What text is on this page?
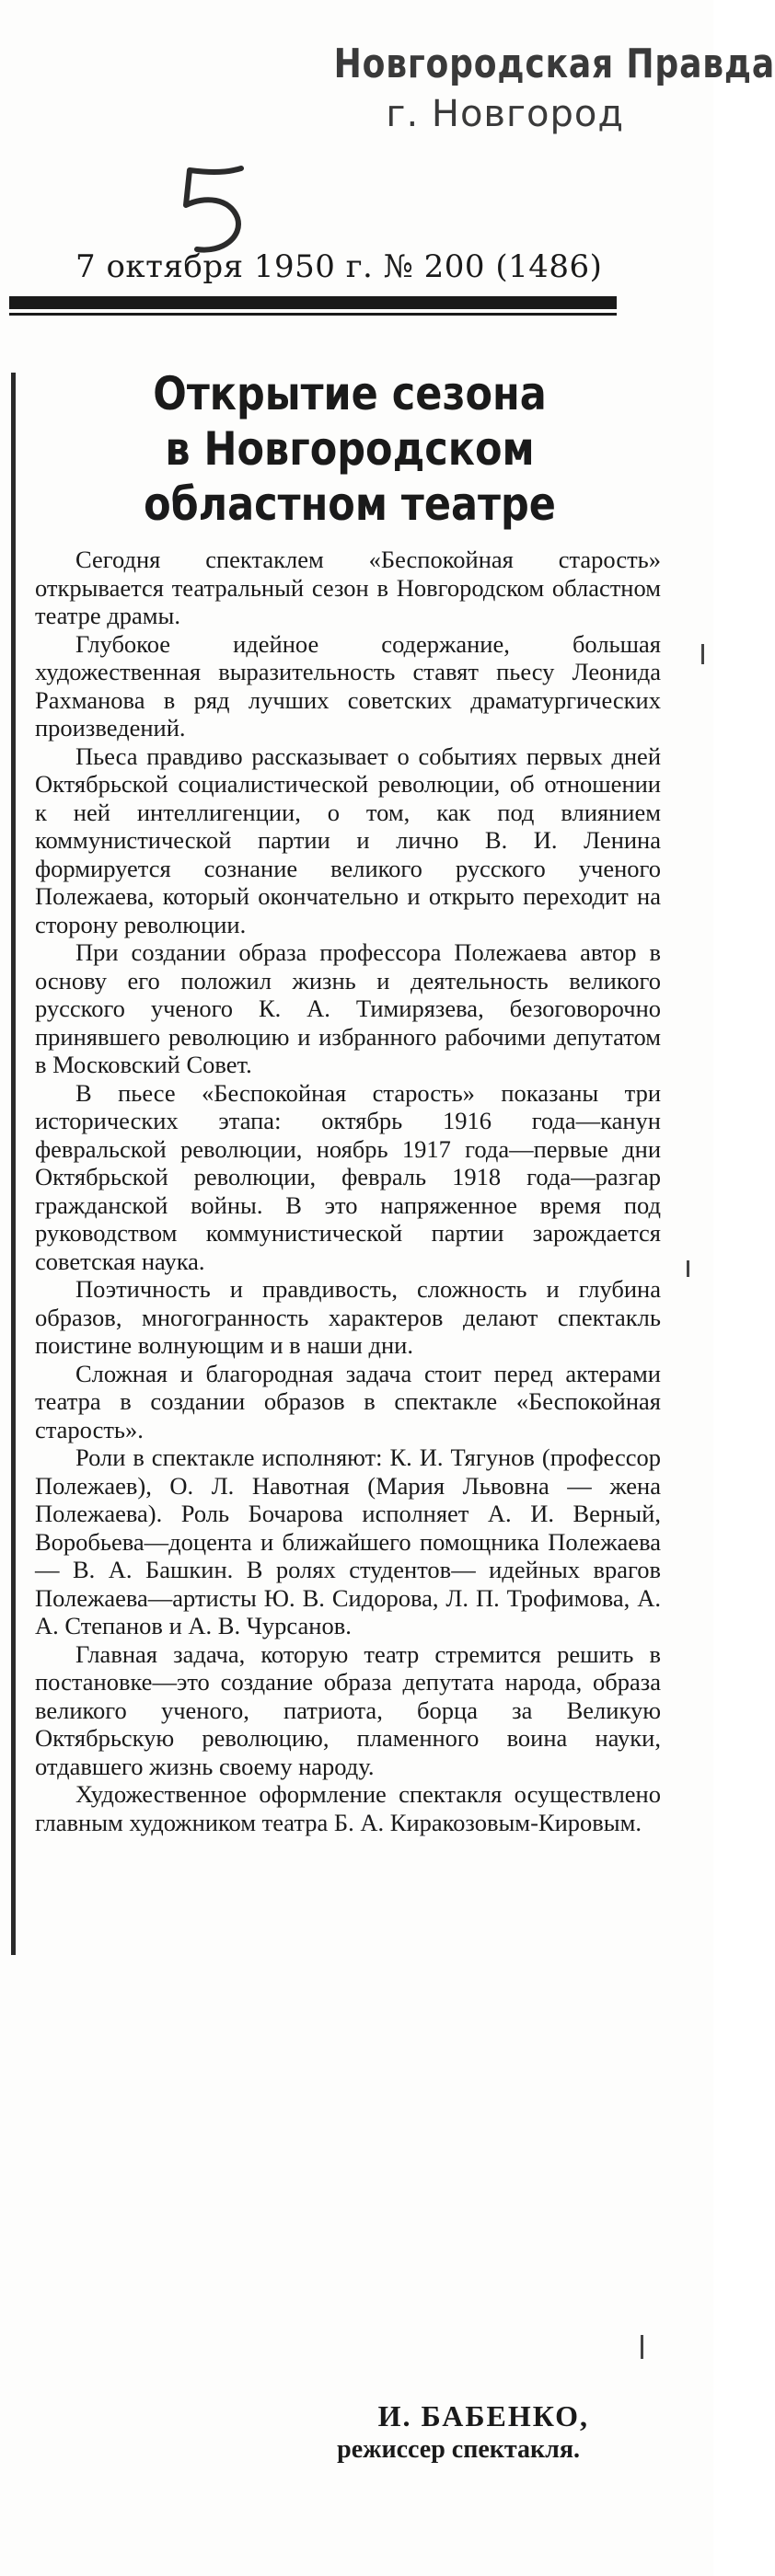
Новгородская Правда
г. Новгород
7 октября 1950 г. № 200 (1486)
Открытие сезона
в Новгородском
областном театре

Сегодня спектаклем «Беспокойная старость» открывается театральный сезон в Новгородском областном театре драмы.

Глубокое идейное содержание, большая художественная выразительность ставят пьесу Леонида Рахманова в ряд лучших советских драматургических произведений.

Пьеса правдиво рассказывает о событиях первых дней Октябрьской социалистической революции, об отношении к ней интеллигенции, о том, как под влиянием коммунистической партии и лично В. И. Ленина формируется сознание великого русского ученого Полежаева, который окончательно и открыто переходит на сторону революции.

При создании образа профессора Полежаева автор в основу его положил жизнь и деятельность великого русского ученого К. А. Тимирязева, безоговорочно принявшего революцию и избранного рабочими депутатом в Московский Совет.

В пьесе «Беспокойная старость» показаны три исторических этапа: октябрь 1916 года—канун февральской революции, ноябрь 1917 года—первые дни Октябрьской революции, февраль 1918 года—разгар гражданской войны. В это напряженное время под руководством коммунистической партии зарождается советская наука.

Поэтичность и правдивость, сложность и глубина образов, многогранность характеров делают спектакль поистине волнующим и в наши дни.

Сложная и благородная задача стоит перед актерами театра в создании образов в спектакле «Беспокойная старость».

Роли в спектакле исполняют: К. И. Тягунов (профессор Полежаев), О. Л. Навотная (Мария Львовна — жена Полежаева). Роль Бочарова исполняет А. И. Верный, Воробьева—доцента и ближайшего помощника Полежаева— В. А. Башкин. В ролях студентов— идейных врагов Полежаева—артисты Ю. В. Сидорова, Л. П. Трофимова, А. А. Степанов и А. В. Чурсанов.

Главная задача, которую театр стремится решить в постановке—это создание образа депутата народа, образа великого ученого, патриота, борца за Великую Октябрьскую революцию, пламенного воина науки, отдавшего жизнь своему народу.

Художественное оформление спектакля осуществлено главным художником театра Б. А. Киракозовым-Кировым.

И. БАБЕНКО,
режиссер спектакля.
